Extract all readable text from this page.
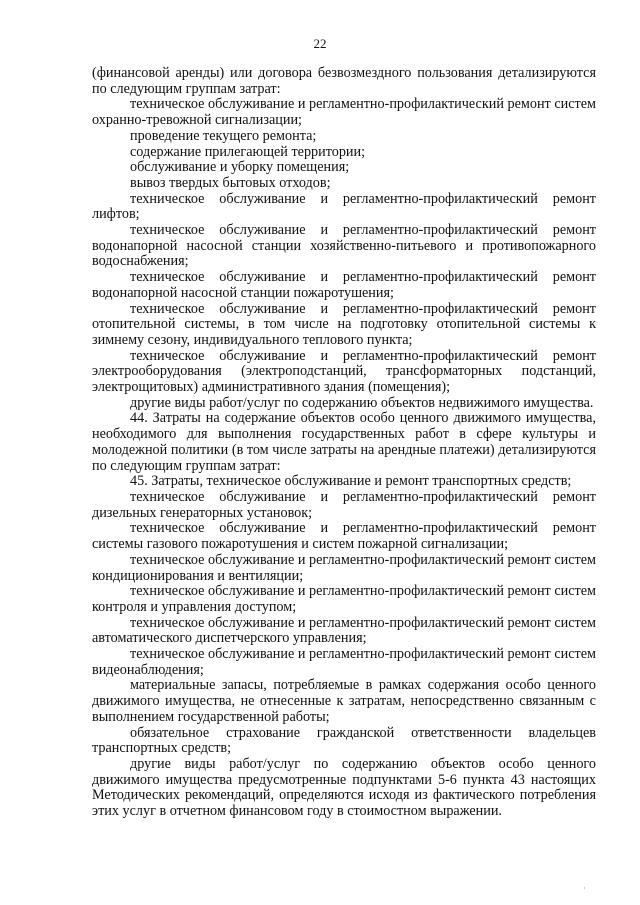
22

(финансовой аренды) или договора безвозмездного пользования детализируются по следующим группам затрат:

техническое обслуживание и регламентно-профилактический ремонт систем охранно-тревожной сигнализации;

проведение текущего ремонта;

содержание прилегающей территории;

обслуживание и уборку помещения;

вывоз твердых бытовых отходов;

техническое обслуживание и регламентно-профилактический ремонт лифтов;

техническое обслуживание и регламентно-профилактический ремонт водонапорной насосной станции хозяйственно-питьевого и противопожарного водоснабжения;

техническое обслуживание и регламентно-профилактический ремонт водонапорной насосной станции пожаротушения;

техническое обслуживание и регламентно-профилактический ремонт отопительной системы, в том числе на подготовку отопительной системы к зимнему сезону, индивидуального теплового пункта;

техническое обслуживание и регламентно-профилактический ремонт электрооборудования (электроподстанций, трансформаторных подстанций, электрощитовых) административного здания (помещения);

другие виды работ/услуг по содержанию объектов недвижимого имущества.

44. Затраты на содержание объектов особо ценного движимого имущества, необходимого для выполнения государственных работ в сфере культуры и молодежной политики (в том числе затраты на арендные платежи) детализируются по следующим группам затрат:

45. Затраты, техническое обслуживание и ремонт транспортных средств;

техническое обслуживание и регламентно-профилактический ремонт дизельных генераторных установок;

техническое обслуживание и регламентно-профилактический ремонт системы газового пожаротушения и систем пожарной сигнализации;

техническое обслуживание и регламентно-профилактический ремонт систем кондиционирования и вентиляции;

техническое обслуживание и регламентно-профилактический ремонт систем контроля и управления доступом;

техническое обслуживание и регламентно-профилактический ремонт систем автоматического диспетчерского управления;

техническое обслуживание и регламентно-профилактический ремонт систем видеонаблюдения;

материальные запасы, потребляемые в рамках содержания особо ценного движимого имущества, не отнесенные к затратам, непосредственно связанным с выполнением государственной работы;

обязательное страхование гражданской ответственности владельцев транспортных средств;

другие виды работ/услуг по содержанию объектов особо ценного движимого имущества предусмотренные подпунктами 5-6 пункта 43 настоящих Методических рекомендаций, определяются исходя из фактического потребления этих услуг в отчетном финансовом году в стоимостном выражении.

·
